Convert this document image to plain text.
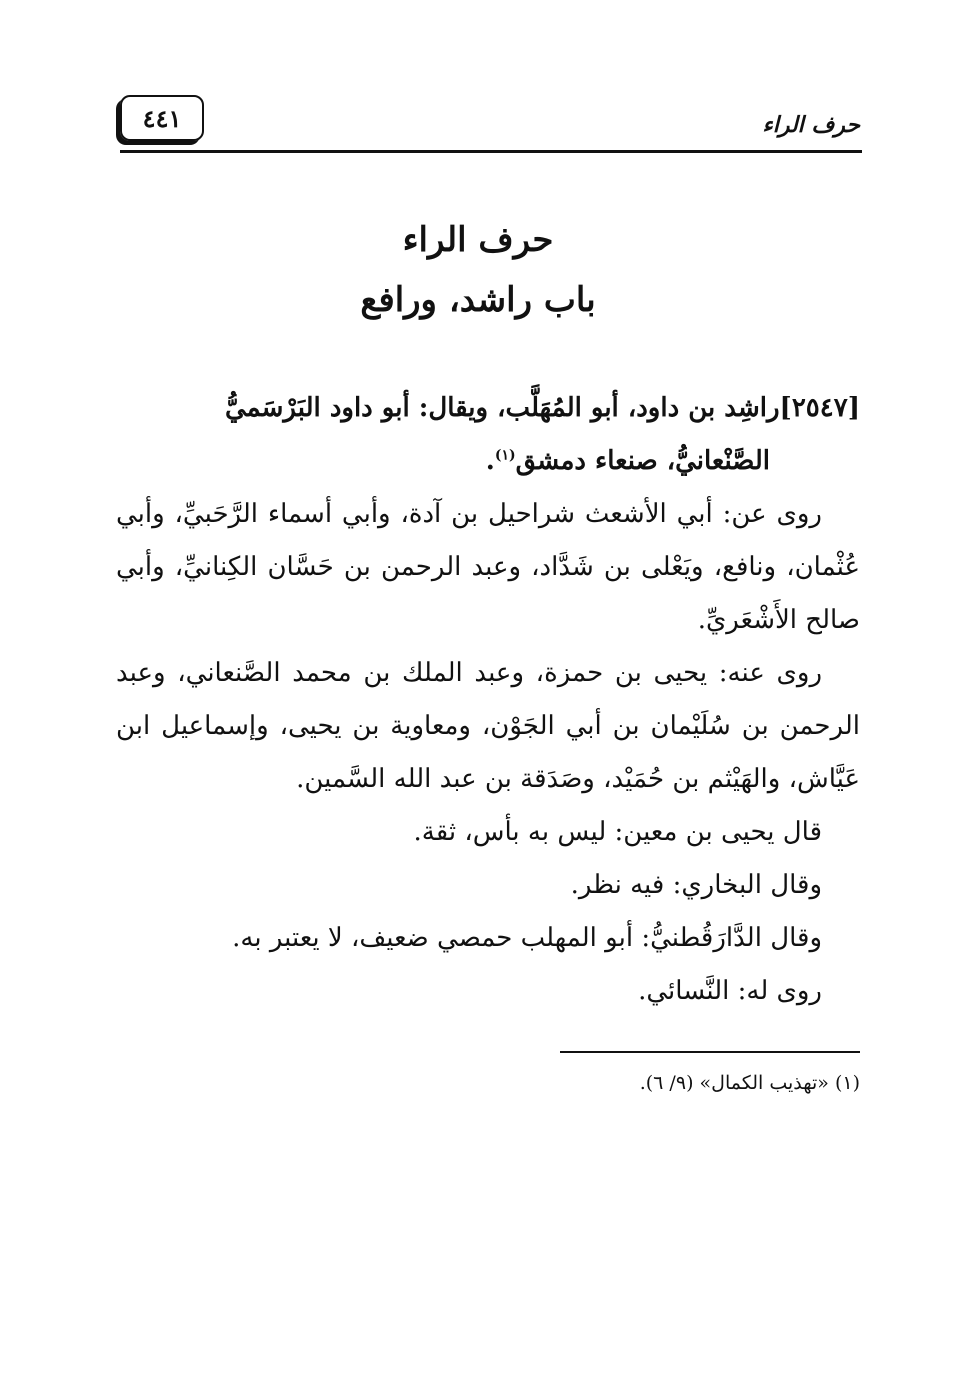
حرف الراء
٤٤١
حرف الراء
باب راشد، ورافع

[٢٥٤٧]راشِد بن داود، أبو المُهَلَّب، ويقال: أبو داود البَرْسَميُّ
الصَّنْعانيُّ، صنعاء دمشق$^{(١)}$.

روى عن: أبي الأشعث شراحيل بن آدة، وأبي أسماء الرَّحَبيِّ، وأبي عُثْمان، ونافع، ويَعْلى بن شَدَّاد، وعبد الرحمن بن حَسَّان الكِنانيِّ، وأبي صالح الأَشْعَريِّ.

روى عنه: يحيى بن حمزة، وعبد الملك بن محمد الصَّنعاني، وعبد الرحمن بن سُلَيْمان بن أبي الجَوْن، ومعاوية بن يحيى، وإسماعيل ابن عَيَّاش، والهَيْثم بن حُمَيْد، وصَدَقة بن عبد الله السَّمين.

قال يحيى بن معين: ليس به بأس، ثقة.

وقال البخاري: فيه نظر.

وقال الدَّارَقُطنيُّ: أبو المهلب حمصي ضعيف، لا يعتبر به.

روى له: النَّسائي.

(١) «تهذيب الكمال» (٩/ ٦).
